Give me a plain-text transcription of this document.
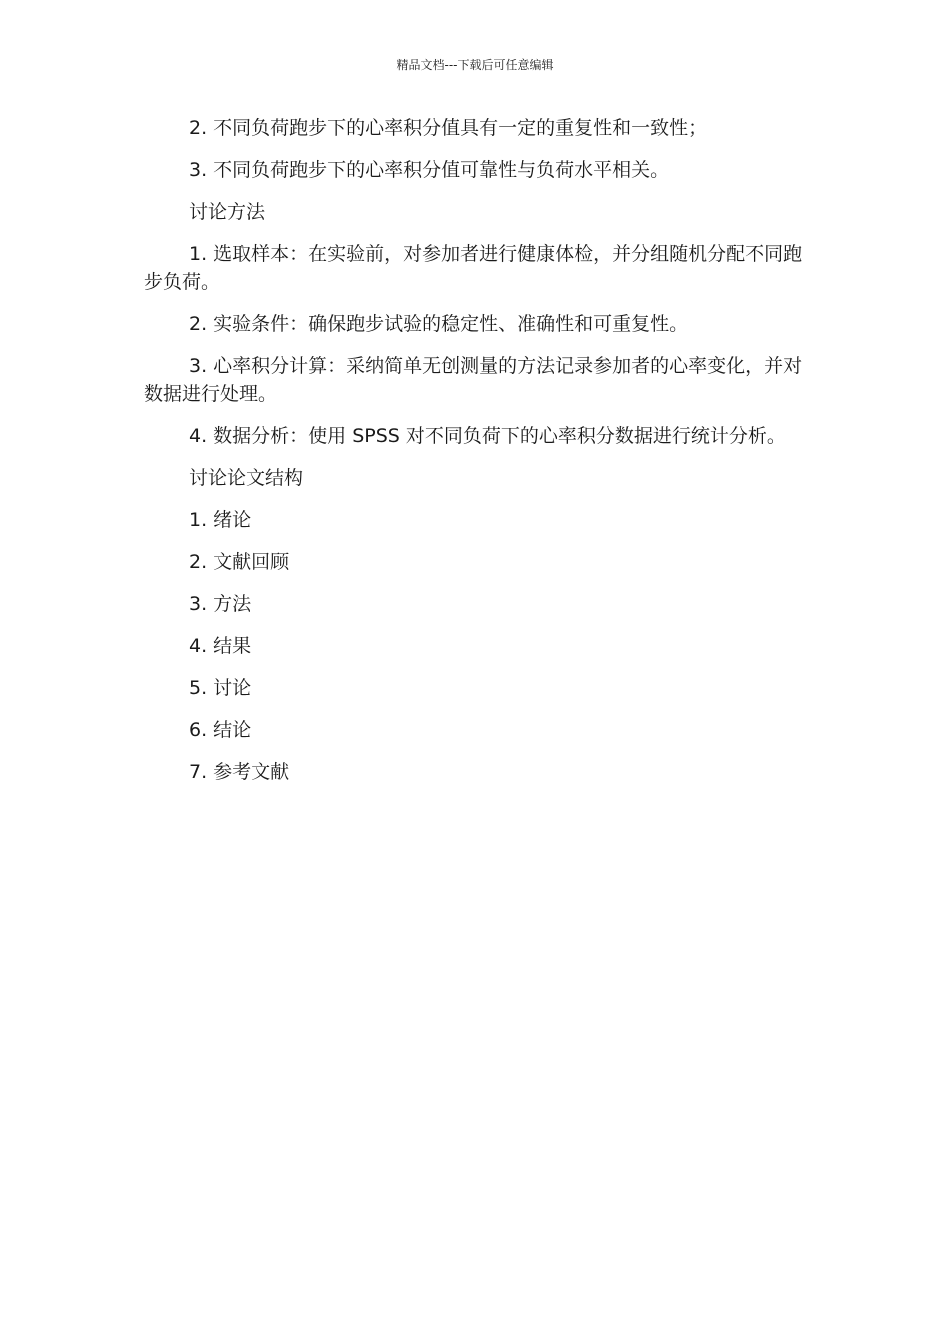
精品文档---下载后可任意编辑

2. 不同负荷跑步下的心率积分值具有一定的重复性和一致性；

3. 不同负荷跑步下的心率积分值可靠性与负荷水平相关。

讨论方法

1. 选取样本：在实验前，对参加者进行健康体检，并分组随机分配不同跑步负荷。

2. 实验条件：确保跑步试验的稳定性、准确性和可重复性。

3. 心率积分计算：采纳简单无创测量的方法记录参加者的心率变化，并对数据进行处理。

4. 数据分析：使用 SPSS 对不同负荷下的心率积分数据进行统计分析。

讨论论文结构

1. 绪论

2. 文献回顾

3. 方法

4. 结果

5. 讨论

6. 结论

7. 参考文献
